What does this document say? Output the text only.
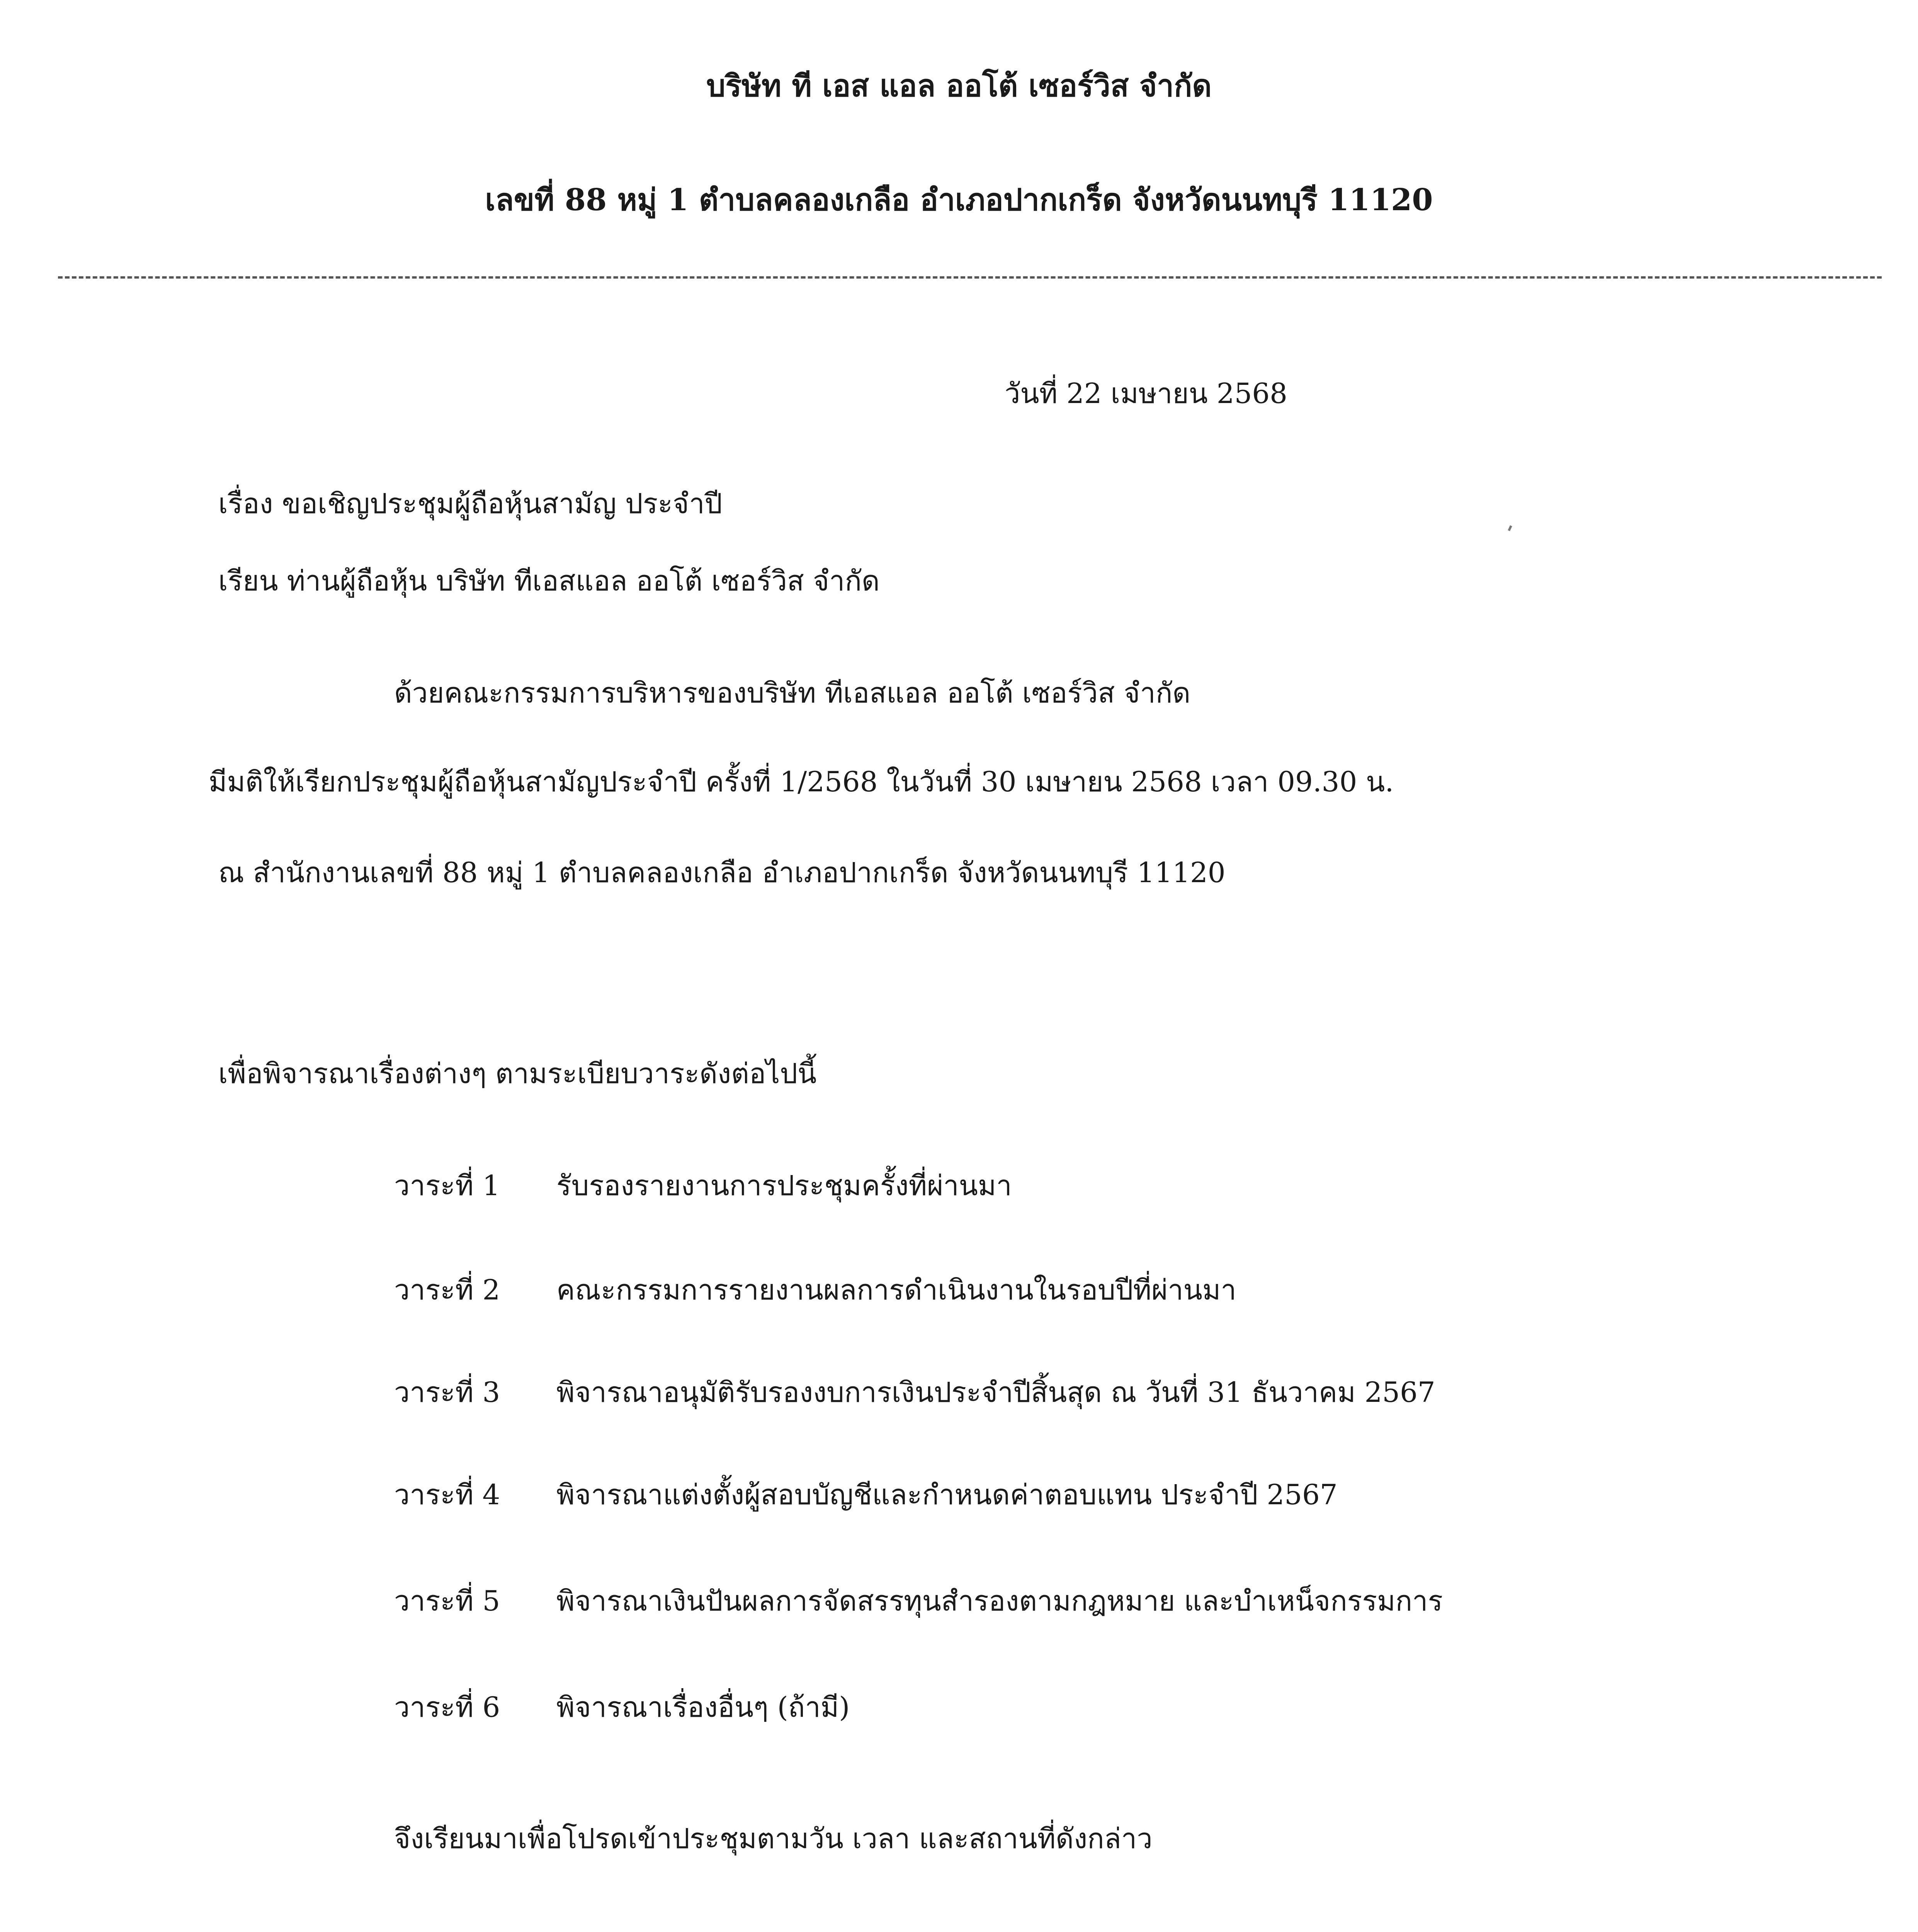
บริษัท ที เอส แอล ออโต้ เซอร์วิส จำกัด
เลขที่ 88 หมู่ 1 ตำบลคลองเกลือ อำเภอปากเกร็ด จังหวัดนนทบุรี 11120
วันที่ 22 เมษายน 2568
เรื่อง ขอเชิญประชุมผู้ถือหุ้นสามัญ ประจำปี
เรียน ท่านผู้ถือหุ้น บริษัท ทีเอสแอล ออโต้ เซอร์วิส จำกัด
ด้วยคณะกรรมการบริหารของบริษัท ทีเอสแอล ออโต้ เซอร์วิส จำกัด
มีมติให้เรียกประชุมผู้ถือหุ้นสามัญประจำปี ครั้งที่ 1/2568 ในวันที่ 30 เมษายน 2568 เวลา 09.30 น.
ณ สำนักงานเลขที่ 88 หมู่ 1 ตำบลคลองเกลือ อำเภอปากเกร็ด จังหวัดนนทบุรี 11120
เพื่อพิจารณาเรื่องต่างๆ ตามระเบียบวาระดังต่อไปนี้
วาระที่ 1 รับรองรายงานการประชุมครั้งที่ผ่านมา
วาระที่ 2 คณะกรรมการรายงานผลการดำเนินงานในรอบปีที่ผ่านมา
วาระที่ 3 พิจารณาอนุมัติรับรองงบการเงินประจำปีสิ้นสุด ณ วันที่ 31 ธันวาคม 2567
วาระที่ 4 พิจารณาแต่งตั้งผู้สอบบัญชีและกำหนดค่าตอบแทน ประจำปี 2567
วาระที่ 5 พิจารณาเงินปันผลการจัดสรรทุนสำรองตามกฎหมาย และบำเหน็จกรรมการ
วาระที่ 6 พิจารณาเรื่องอื่นๆ (ถ้ามี)
จึงเรียนมาเพื่อโปรดเข้าประชุมตามวัน เวลา และสถานที่ดังกล่าว
